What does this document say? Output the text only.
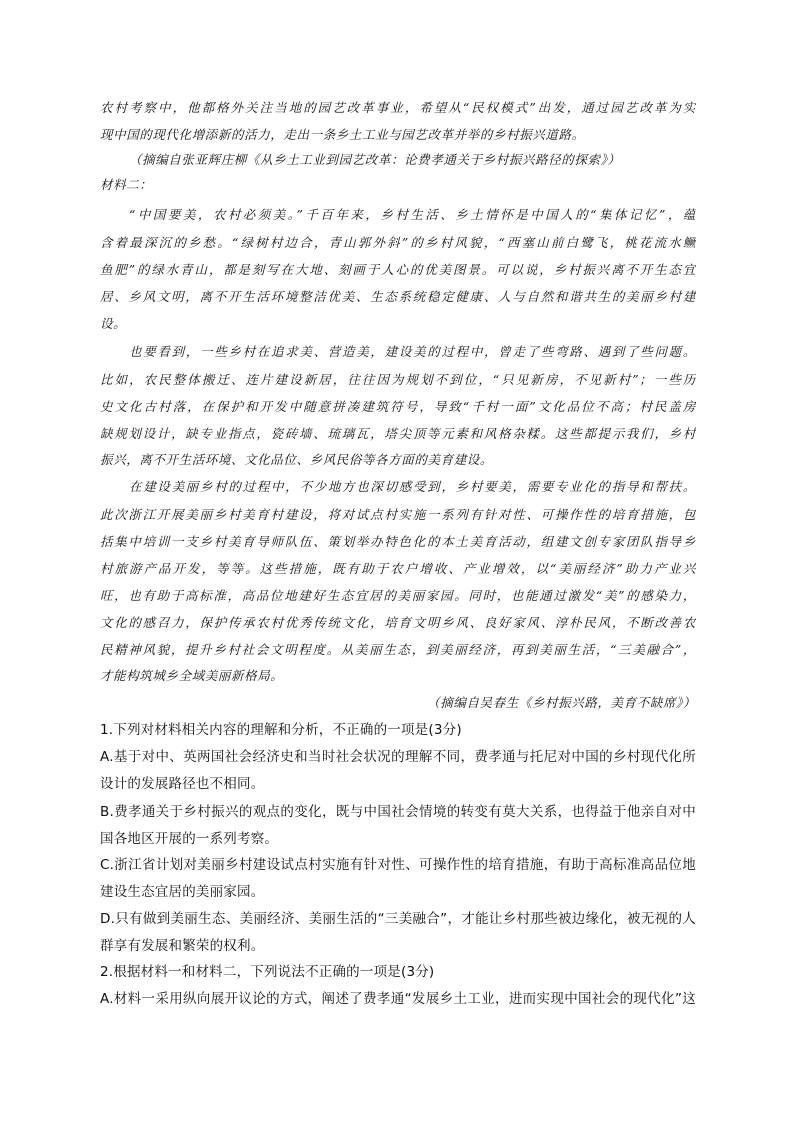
农村考察中，他都格外关注当地的园艺改革事业，希望从“民权模式”出发，通过园艺改革为实
现中国的现代化增添新的活力，走出一条乡土工业与园艺改革并举的乡村振兴道路。
（摘编自张亚辉庄柳《从乡土工业到园艺改革：论费孝通关于乡村振兴路径的探索》）
材料二：
“中国要美，农村必须美。”千百年来，乡村生活、乡土情怀是中国人的“集体记忆”，蕴
含着最深沉的乡愁。“绿树村边合，青山郭外斜”的乡村风貌，“西塞山前白鹭飞，桃花流水鳜
鱼肥”的绿水青山，都是刻写在大地、刻画于人心的优美图景。可以说，乡村振兴离不开生态宜
居、乡风文明，离不开生活环境整洁优美、生态系统稳定健康、人与自然和谐共生的美丽乡村建
设。
也要看到，一些乡村在追求美、营造美，建设美的过程中，曾走了些弯路、遇到了些问题。
比如，农民整体搬迁、连片建设新居，往往因为规划不到位，“只见新房，不见新村”；一些历
史文化古村落，在保护和开发中随意拼凑建筑符号，导致“千村一面”文化品位不高；村民盖房
缺规划设计，缺专业指点，瓷砖墙、琉璃瓦，塔尖顶等元素和风格杂糅。这些都提示我们，乡村
振兴，离不开生活环境、文化品位、乡风民俗等各方面的美育建设。
在建设美丽乡村的过程中，不少地方也深切感受到，乡村要美，需要专业化的指导和帮扶。
此次浙江开展美丽乡村美育村建设，将对试点村实施一系列有针对性、可操作性的培育措施，包
括集中培训一支乡村美育导师队伍、策划举办特色化的本土美育活动，组建文创专家团队指导乡
村旅游产品开发，等等。这些措施，既有助于农户增收、产业增效，以“美丽经济”助力产业兴
旺，也有助于高标准，高品位地建好生态宜居的美丽家园。同时，也能通过激发“美”的感染力，
文化的感召力，保护传承农村优秀传统文化，培育文明乡风、良好家风、淳朴民风，不断改善农
民精神风貌，提升乡村社会文明程度。从美丽生态，到美丽经济，再到美丽生活，“三美融合”，
才能构筑城乡全域美丽新格局。
（摘编自吴春生《乡村振兴路，美育不缺席》）
1.下列对材料相关内容的理解和分析，不正确的一项是(3分)
A.基于对中、英两国社会经济史和当时社会状况的理解不同，费孝通与托尼对中国的乡村现代化所
设计的发展路径也不相同。
B.费孝通关于乡村振兴的观点的变化，既与中国社会情境的转变有莫大关系，也得益于他亲自对中
国各地区开展的一系列考察。
C.浙江省计划对美丽乡村建设试点村实施有针对性、可操作性的培育措施，有助于高标准高品位地
建设生态宜居的美丽家园。
D.只有做到美丽生态、美丽经济、美丽生活的“三美融合”，才能让乡村那些被边缘化，被无视的人
群享有发展和繁荣的权利。
2.根据材料一和材料二，下列说法不正确的一项是(3分)
A.材料一采用纵向展开议论的方式，阐述了费孝通“发展乡土工业，进而实现中国社会的现代化”这
